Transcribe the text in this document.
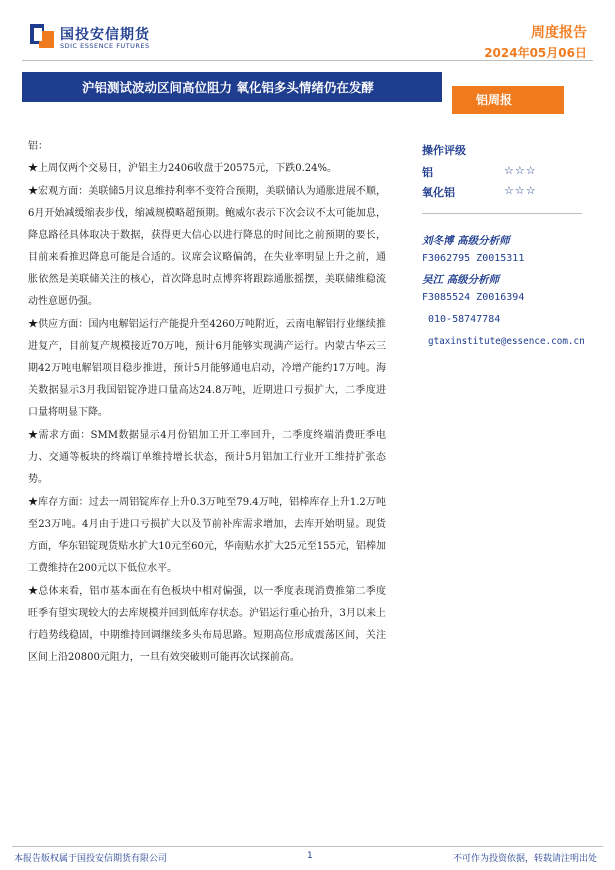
国投安信期货
SDIC ESSENCE FUTURES
周度报告
2024年05月06日
沪铝测试波动区间高位阻力 氧化铝多头情绪仍在发酵
铝周报

铝：

★上周仅两个交易日，沪铝主力2406收盘于20575元，下跌0.24%。

★宏观方面：美联储5月议息维持利率不变符合预期，美联储认为通胀进展不顺，6月开始减缓缩表步伐，缩减规模略超预期。鲍威尔表示下次会议不太可能加息，降息路径具体取决于数据，获得更大信心以进行降息的时间比之前预期的要长，目前来看推迟降息可能是合适的。议席会议略偏鸽，在失业率明显上升之前，通胀依然是美联储关注的核心，首次降息时点博弈将跟踪通胀摇摆，美联储维稳流动性意愿仍强。

★供应方面：国内电解铝运行产能提升至4260万吨附近，云南电解铝行业继续推进复产，目前复产规模接近70万吨，预计6月能够实现满产运行。内蒙古华云三期42万吨电解铝项目稳步推进，预计5月能够通电启动，冷增产能约17万吨。海关数据显示3月我国铝锭净进口量高达24.8万吨，近期进口亏损扩大，二季度进口量将明显下降。

★需求方面：SMM数据显示4月份铝加工开工率回升，二季度终端消费旺季电力、交通等板块的终端订单维持增长状态，预计5月铝加工行业开工维持扩张态势。

★库存方面：过去一周铝锭库存上升0.3万吨至79.4万吨，铝棒库存上升1.2万吨至23万吨。4月由于进口亏损扩大以及节前补库需求增加，去库开始明显。现货方面，华东铝锭现货贴水扩大10元至60元，华南贴水扩大25元至155元，铝棒加工费维持在200元以下低位水平。

★总体来看，铝市基本面在有色板块中相对偏强，以一季度表现消费推第二季度旺季有望实现较大的去库规模并回到低库存状态。沪铝运行重心抬升，3月以来上行趋势线稳固，中期维持回调继续多头布局思路。短期高位形成震荡区间，关注区间上沿20800元阻力，一旦有效突破则可能再次试探前高。

操作评级
铝	☆☆☆
氧化铝	☆☆☆
刘冬博 高级分析师
F3062795 Z0015311
吴江 高级分析师
F3085524 Z0016394
010-58747784
gtaxinstitute@essence.com.cn
本报告版权属于国投安信期货有限公司	1	不可作为投资依据，转载请注明出处
